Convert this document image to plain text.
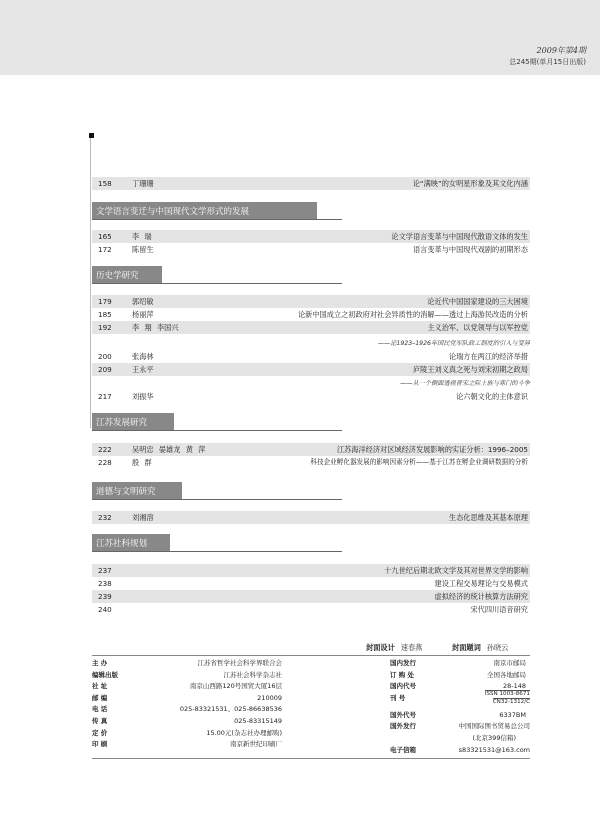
2009年第4期
总245期(单月15日出版)
158	丁珊珊	论“满映”的女明星形象及其文化内涵
文学语言变迁与中国现代文学形式的发展
165	李 瑞	论文学语言变革与中国现代散语文体的发生
172	陈留生	语言变革与中国现代戏剧的初期形态
历史学研究
179	郭绍敏	论近代中国国家建设的三大困境
185	杨丽萍	论新中国成立之初政府对社会异质性的消解——透过上海游民改造的分析
192	李 翔 李国兴	主义治军、以党领导与以军控党
——论1923–1926年国民党军队政工制度的引入与变异
200	张海林	论瑞方在两江的经济举措
209	王永平	庐陵王刘义真之死与刘宋初期之政局
——从一个侧面透视晋宋之际士族与寒门的斗争
217	刘振华	论六朝文化的主体意识
江苏发展研究
222	吴明忠 晏雄龙 黄 萍	江苏海洋经济对区域经济发展影响的实证分析：1996–2005
228	殷 群	科技企业孵化器发展的影响因素分析——基于江苏在孵企业调研数据的分析
道德与文明研究
232	刘湘溶	生态化思维及其基本原理
江苏社科规划
237	十九世纪后期北欧文学及其对世界文学的影响
238	建设工程交易理论与交易模式
239	虚拟经济的统计核算方法研究
240	宋代四川语音研究
封面设计 速春燕	封面题词 孙晓云
主 办	江苏省哲学社会科学界联合会
编辑出版	江苏社会科学杂志社
社 址	南京山西路120号国贸大厦16层
邮 编	210009
电 话	025-83321531、025-86638536
传 真	025-83315149
定 价	15.00元(杂志社办理邮购)
印 刷	南京新世纪印刷厂
国内发行	南京市邮局
订 购 处	全国各地邮局
国内代号	28-148
刊 号	ISSN 1003-8671
CN32-1312/C
国外代号	6337BM
国外发行	中国国际图书贸易总公司
(北京399信箱)
电子信箱	s83321531@163.com
